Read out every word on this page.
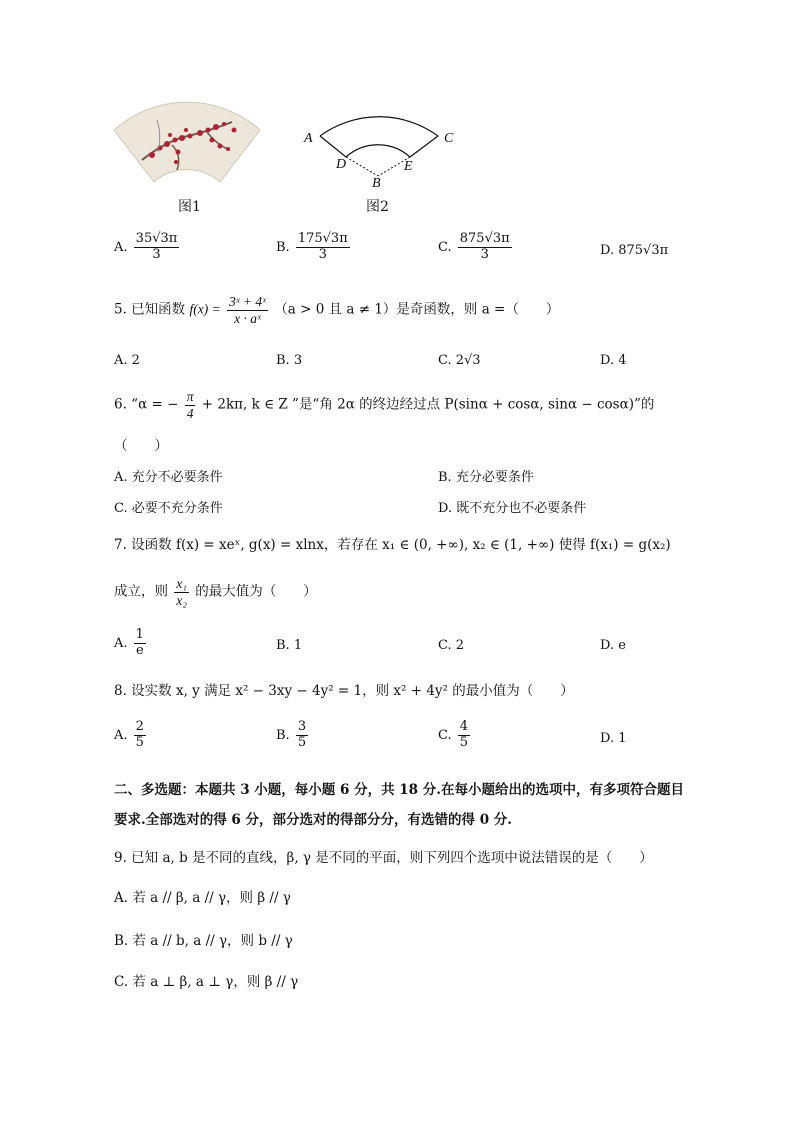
图1
A	C
D	E
B
图2
A. $\frac{35√3\pi}{3}$	B. $\frac{175√3\pi}{3}$	C. $\frac{875√3\pi}{3}$	D. 875√3π
5. 已知函数 $f(x) = \frac{\text{3ˣ + 4ˣ}}{\text{x · aˣ}} (a > 0$ 且 a ≠ 1）是奇函数，则 a =（　　）
A. 2	B. 3	C. 2√3	D. 4
6. “α = − $\frac{\pi}{4} + 2k\pi$, k ∈ Z ”是“角 2α 的终边经过点 P(sinα + cosα, sinα − cosα)”的
（　　）
A. 充分不必要条件	B. 充分必要条件
C. 必要不充分条件	D. 既不充分也不必要条件
7. 设函数 f(x) = xeˣ, g(x) = xlnx，若存在 x₁ ∈ (0, +∞), x₂ ∈ (1, +∞) 使得 f(x₁) = g(x₂)
成立，则 $\frac{\text{x₁}}{\text{x₂}}$ 的最大值为（　　）
A. $\frac{1}{e}$	B. 1	C. 2	D. e
8. 设实数 x, y 满足 x² − 3xy − 4y² = 1，则 x² + 4y² 的最小值为（　　）
A. $\frac{2}{5}$	B. $\frac{3}{5}$	C. $\frac{4}{5}$	D. 1
二、多选题：本题共 3 小题，每小题 6 分，共 18 分.在每小题给出的选项中，有多项符合题目
要求.全部选对的得 6 分，部分选对的得部分分，有选错的得 0 分.
9. 已知 a, b 是不同的直线，β, γ 是不同的平面，则下列四个选项中说法错误的是（　　）
A. 若 a // β, a // γ，则 β // γ
B. 若 a // b, a // γ，则 b // γ
C. 若 a ⊥ β, a ⊥ γ，则 β // γ
